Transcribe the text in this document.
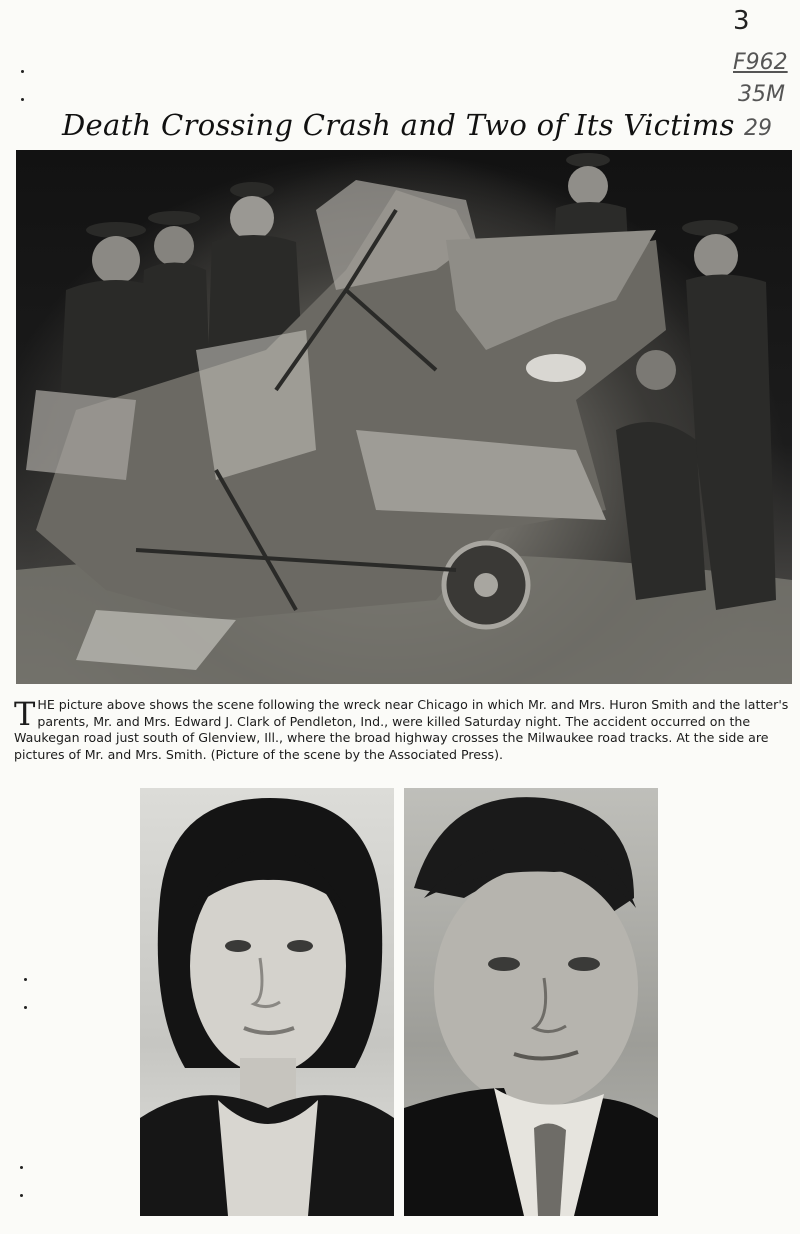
3
F962
35M
29
Death Crossing Crash and Two of Its Victims
THE picture above shows the scene following the wreck near Chicago in which Mr. and Mrs. Huron Smith and the latter's parents, Mr. and Mrs. Edward J. Clark of Pendleton, Ind., were killed Saturday night. The accident occurred on the Waukegan road just south of Glenview, Ill., where the broad highway crosses the Milwaukee road tracks. At the side are pictures of Mr. and Mrs. Smith. (Picture of the scene by the Associated Press).
